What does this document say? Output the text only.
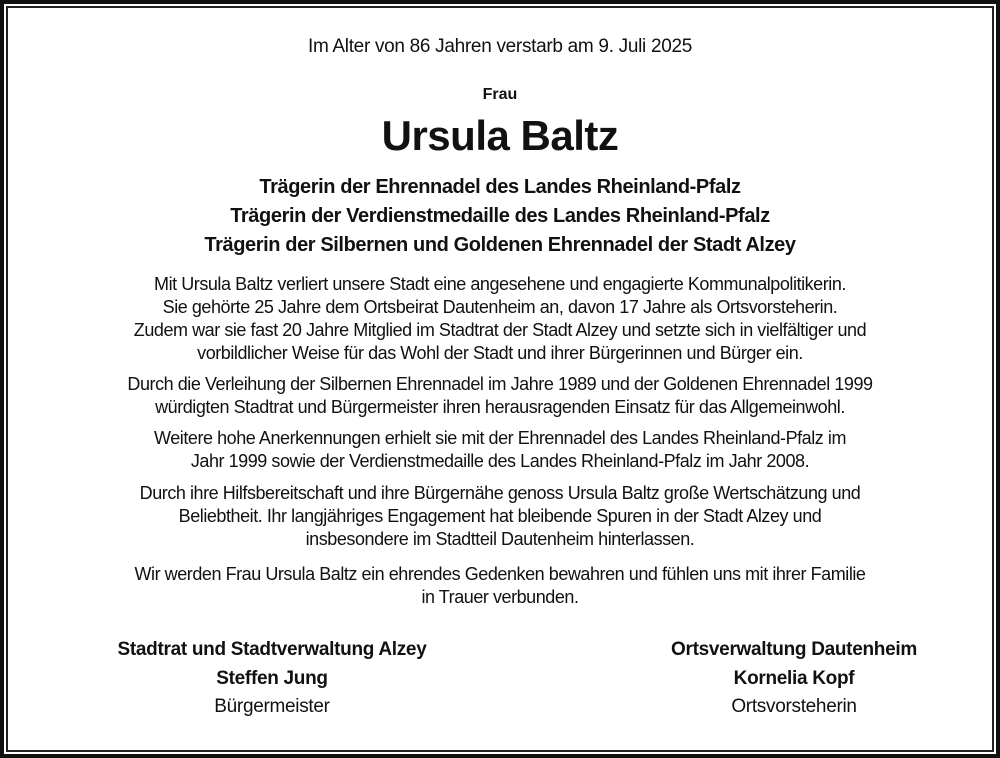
Im Alter von 86 Jahren verstarb am 9. Juli 2025
Frau
Ursula Baltz
Trägerin der Ehrennadel des Landes Rheinland-Pfalz
Trägerin der Verdienstmedaille des Landes Rheinland-Pfalz
Trägerin der Silbernen und Goldenen Ehrennadel der Stadt Alzey
Mit Ursula Baltz verliert unsere Stadt eine angesehene und engagierte Kommunalpolitikerin.
Sie gehörte 25 Jahre dem Ortsbeirat Dautenheim an, davon 17 Jahre als Ortsvorsteherin.
Zudem war sie fast 20 Jahre Mitglied im Stadtrat der Stadt Alzey und setzte sich in vielfältiger und
vorbildlicher Weise für das Wohl der Stadt und ihrer Bürgerinnen und Bürger ein.
Durch die Verleihung der Silbernen Ehrennadel im Jahre 1989 und der Goldenen Ehrennadel 1999
würdigten Stadtrat und Bürgermeister ihren herausragenden Einsatz für das Allgemeinwohl.
Weitere hohe Anerkennungen erhielt sie mit der Ehrennadel des Landes Rheinland-Pfalz im
Jahr 1999 sowie der Verdienstmedaille des Landes Rheinland-Pfalz im Jahr 2008.
Durch ihre Hilfsbereitschaft und ihre Bürgernähe genoss Ursula Baltz große Wertschätzung und
Beliebtheit. Ihr langjähriges Engagement hat bleibende Spuren in der Stadt Alzey und
insbesondere im Stadtteil Dautenheim hinterlassen.
Wir werden Frau Ursula Baltz ein ehrendes Gedenken bewahren und fühlen uns mit ihrer Familie
in Trauer verbunden.
Stadtrat und Stadtverwaltung Alzey
Steffen Jung
Bürgermeister
Ortsverwaltung Dautenheim
Kornelia Kopf
Ortsvorsteherin
